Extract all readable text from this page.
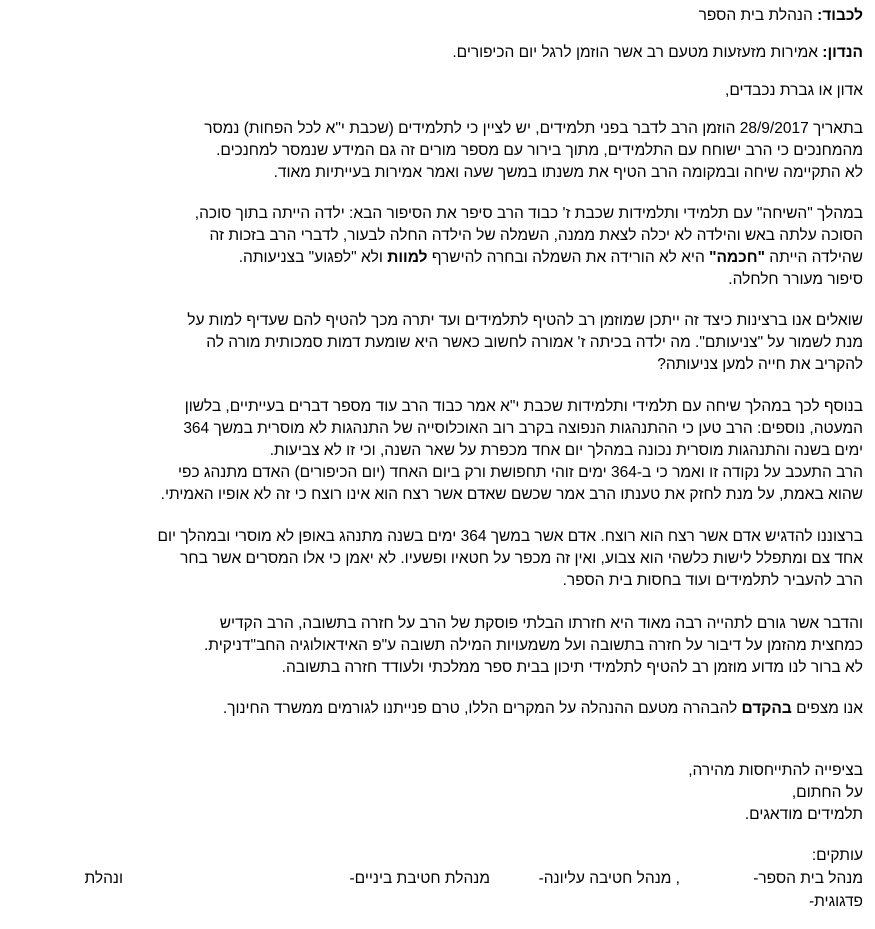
לכבוד: הנהלת בית הספר
הנדון: אמירות מזעזעות מטעם רב אשר הוזמן לרגל יום הכיפורים.
אדון או גברת נכבדים,
בתאריך 28/9/2017 הוזמן הרב לדבר בפני תלמידים, יש לציין כי לתלמידים (שכבת י"א לכל הפחות) נמסר
מהמחנכים כי הרב ישוחח עם התלמידים, מתוך בירור עם מספר מורים זה גם המידע שנמסר למחנכים.
לא התקיימה שיחה ובמקומה הרב הטיף את משנתו במשך שעה ואמר אמירות בעייתיות מאוד.
במהלך "השיחה" עם תלמידי ותלמידות שכבת ז' כבוד הרב סיפר את הסיפור הבא: ילדה הייתה בתוך סוכה,
הסוכה עלתה באש והילדה לא יכלה לצאת ממנה, השמלה של הילדה החלה לבעור, לדברי הרב בזכות זה
שהילדה הייתה "חכמה" היא לא הורידה את השמלה ובחרה להישרף למוות ולא "לפגוע" בצניעותה.
סיפור מעורר חלחלה.
שואלים אנו ברצינות כיצד זה ייתכן שמוזמן רב להטיף לתלמידים ועד יתרה מכך להטיף להם שעדיף למות על
מנת לשמור על "צניעותם". מה ילדה בכיתה ז' אמורה לחשוב כאשר היא שומעת דמות סמכותית מורה לה
להקריב את חייה למען צניעותה?
בנוסף לכך במהלך שיחה עם תלמידי ותלמידות שכבת י"א אמר כבוד הרב עוד מספר דברים בעייתיים, בלשון
המעטה, נוספים: הרב טען כי ההתנהגות הנפוצה בקרב רוב האוכלוסייה של התנהגות לא מוסרית במשך 364
ימים בשנה והתנהגות מוסרית נכונה במהלך יום אחד מכפרת על שאר השנה, וכי זו לא צביעות.
הרב התעכב על נקודה זו ואמר כי ב-364 ימים זוהי תחפושת ורק ביום האחד (יום הכיפורים) האדם מתנהג כפי
שהוא באמת, על מנת לחזק את טענתו הרב אמר שכשם שאדם אשר רצח הוא אינו רוצח כי זה לא אופיו האמיתי.
ברצוננו להדגיש אדם אשר רצח הוא רוצח. אדם אשר במשך 364 ימים בשנה מתנהג באופן לא מוסרי ובמהלך יום
אחד צם ומתפלל לישות כלשהי הוא צבוע, ואין זה מכפר על חטאיו ופשעיו. לא יאמן כי אלו המסרים אשר בחר
הרב להעביר לתלמידים ועוד בחסות בית הספר.
והדבר אשר גורם לתהייה רבה מאוד היא חזרתו הבלתי פוסקת של הרב על חזרה בתשובה, הרב הקדיש
כמחצית מהזמן על דיבור על חזרה בתשובה ועל משמעויות המילה תשובה ע"פ האידאולוגיה החב"דניקית.
לא ברור לנו מדוע מוזמן רב להטיף לתלמידי תיכון בבית ספר ממלכתי ולעודד חזרה בתשובה.
אנו מצפים בהקדם להבהרה מטעם ההנהלה על המקרים הללו, טרם פנייתנו לגורמים ממשרד החינוך.
בציפייה להתייחסות מהירה,
על החתום,
תלמידים מודאגים.
עותקים:
מנהל בית הספר-
, מנהל חטיבה עליונה-
מנהלת חטיבת ביניים-
ונהלת
פדגוגית-
